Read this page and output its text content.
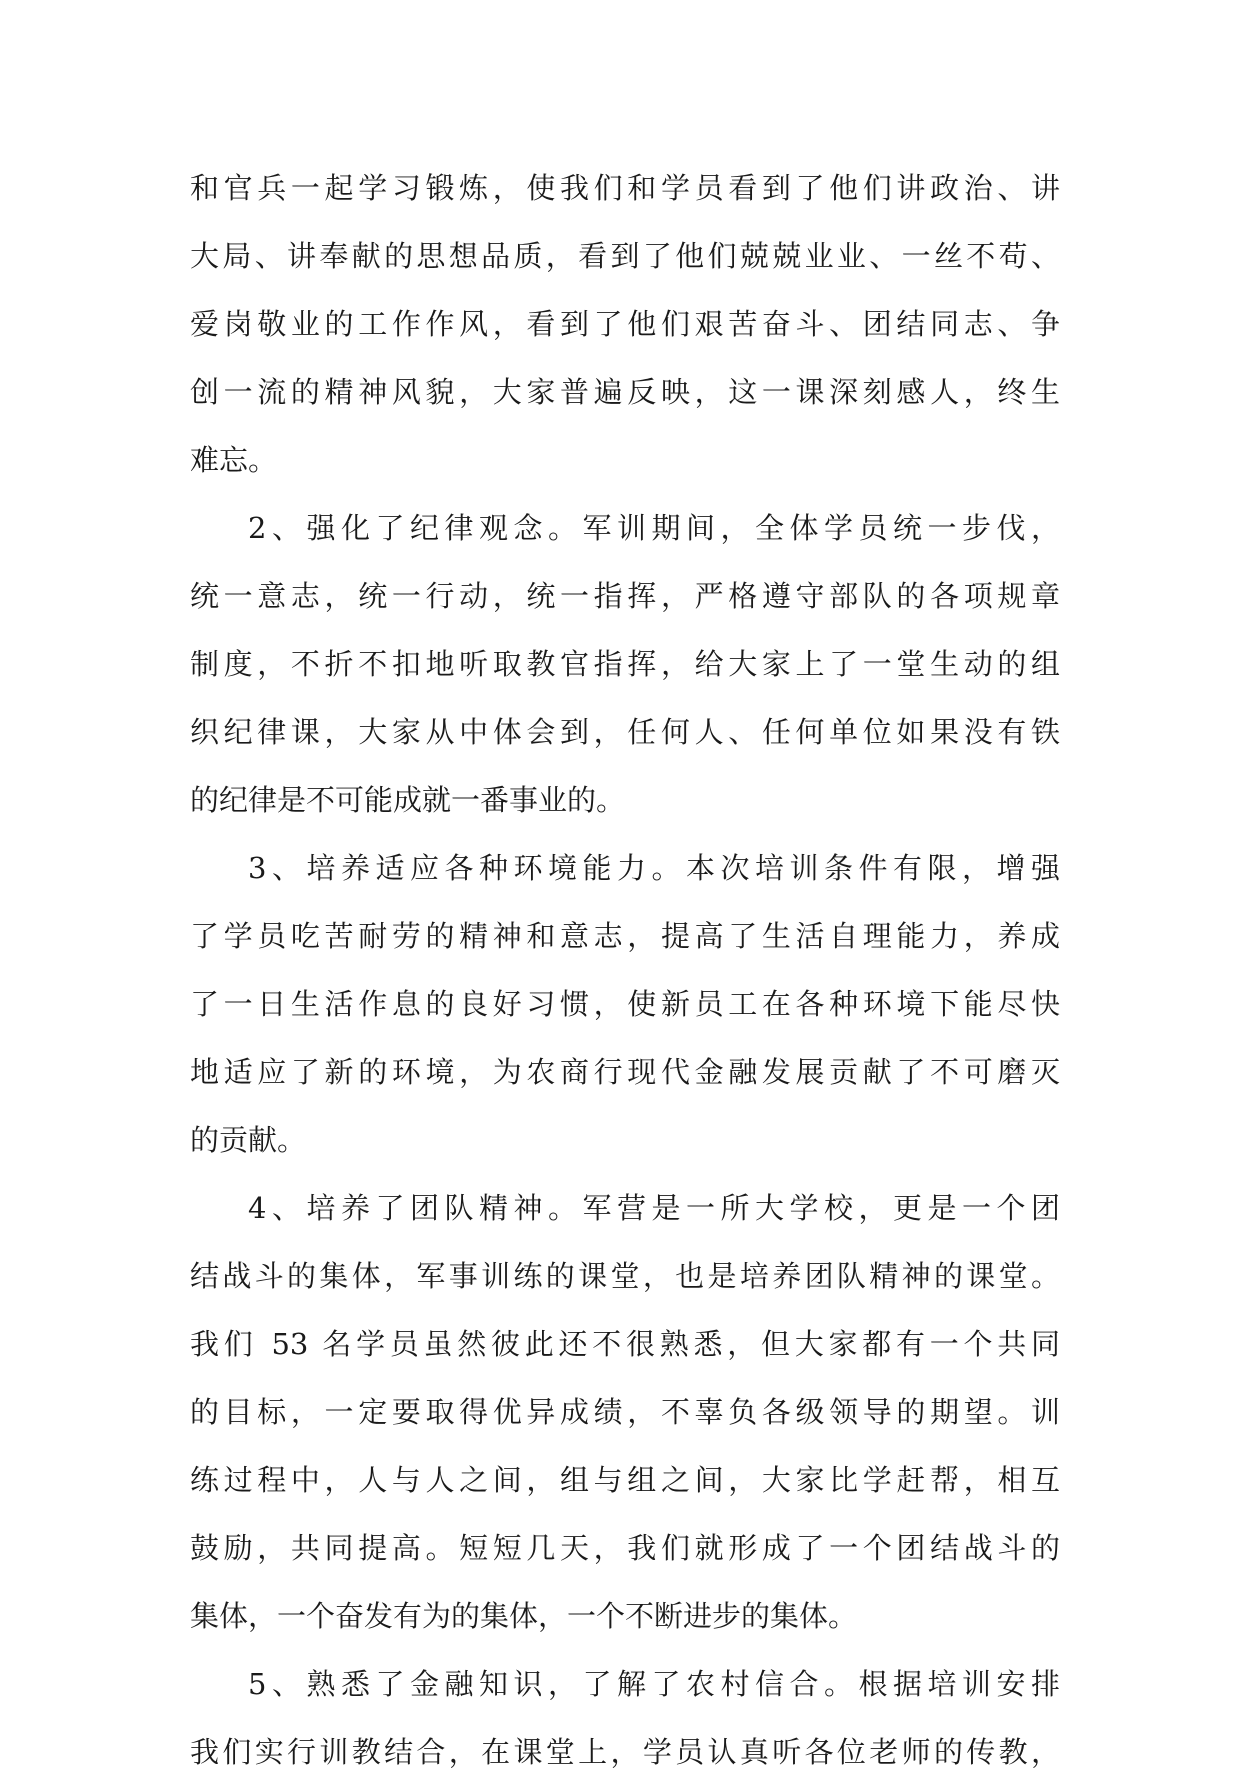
和官兵一起学习锻炼，使我们和学员看到了他们讲政治、讲
大局、讲奉献的思想品质，看到了他们兢兢业业、一丝不苟、
爱岗敬业的工作作风，看到了他们艰苦奋斗、团结同志、争
创一流的精神风貌，大家普遍反映，这一课深刻感人，终生
难忘。
2、强化了纪律观念。军训期间，全体学员统一步伐，
统一意志，统一行动，统一指挥，严格遵守部队的各项规章
制度，不折不扣地听取教官指挥，给大家上了一堂生动的组
织纪律课，大家从中体会到，任何人、任何单位如果没有铁
的纪律是不可能成就一番事业的。
3、培养适应各种环境能力。本次培训条件有限，增强
了学员吃苦耐劳的精神和意志，提高了生活自理能力，养成
了一日生活作息的良好习惯，使新员工在各种环境下能尽快
地适应了新的环境，为农商行现代金融发展贡献了不可磨灭
的贡献。
4、培养了团队精神。军营是一所大学校，更是一个团
结战斗的集体，军事训练的课堂，也是培养团队精神的课堂。
我们 53 名学员虽然彼此还不很熟悉，但大家都有一个共同
的目标，一定要取得优异成绩，不辜负各级领导的期望。训
练过程中，人与人之间，组与组之间，大家比学赶帮，相互
鼓励，共同提高。短短几天，我们就形成了一个团结战斗的
集体，一个奋发有为的集体，一个不断进步的集体。
5、熟悉了金融知识，了解了农村信合。根据培训安排
我们实行训教结合，在课堂上，学员认真听各位老师的传教，
